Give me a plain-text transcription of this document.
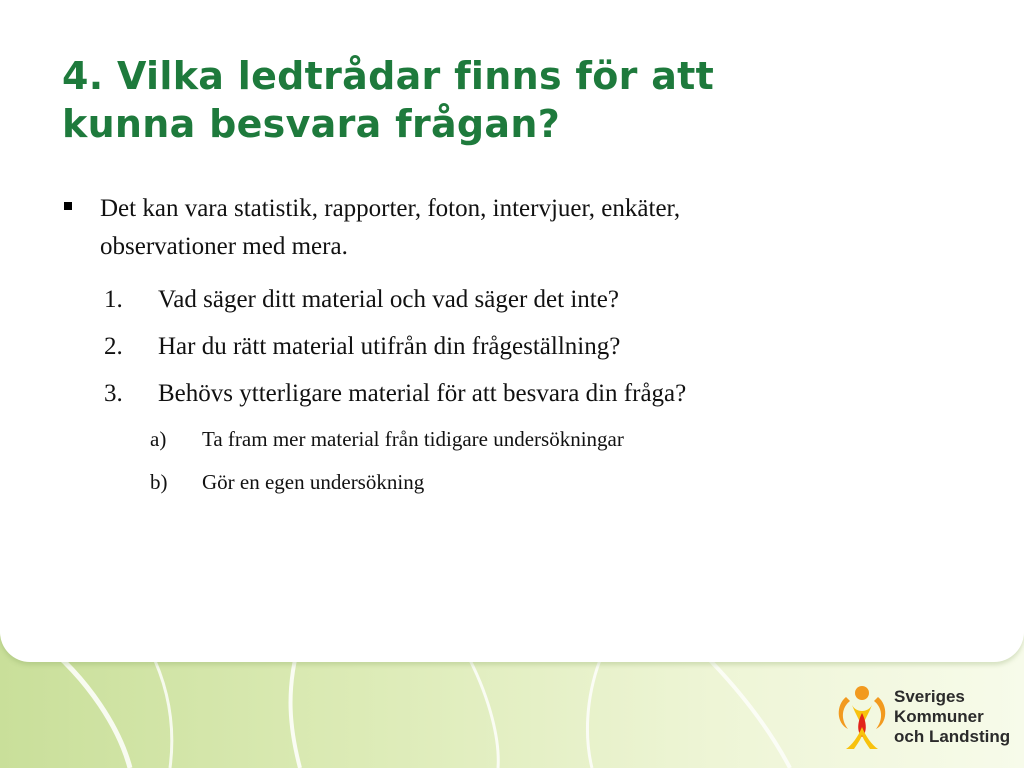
4. Vilka ledtrådar finns för att
kunna besvara frågan?
Det kan vara statistik, rapporter, foton, intervjuer, enkäter,
observationer med mera.
1. Vad säger ditt material och vad säger det inte?
2. Har du rätt material utifrån din frågeställning?
3. Behövs ytterligare material för att besvara din fråga?
a) Ta fram mer material från tidigare undersökningar
b) Gör en egen undersökning
Sveriges
Kommuner
och Landsting
